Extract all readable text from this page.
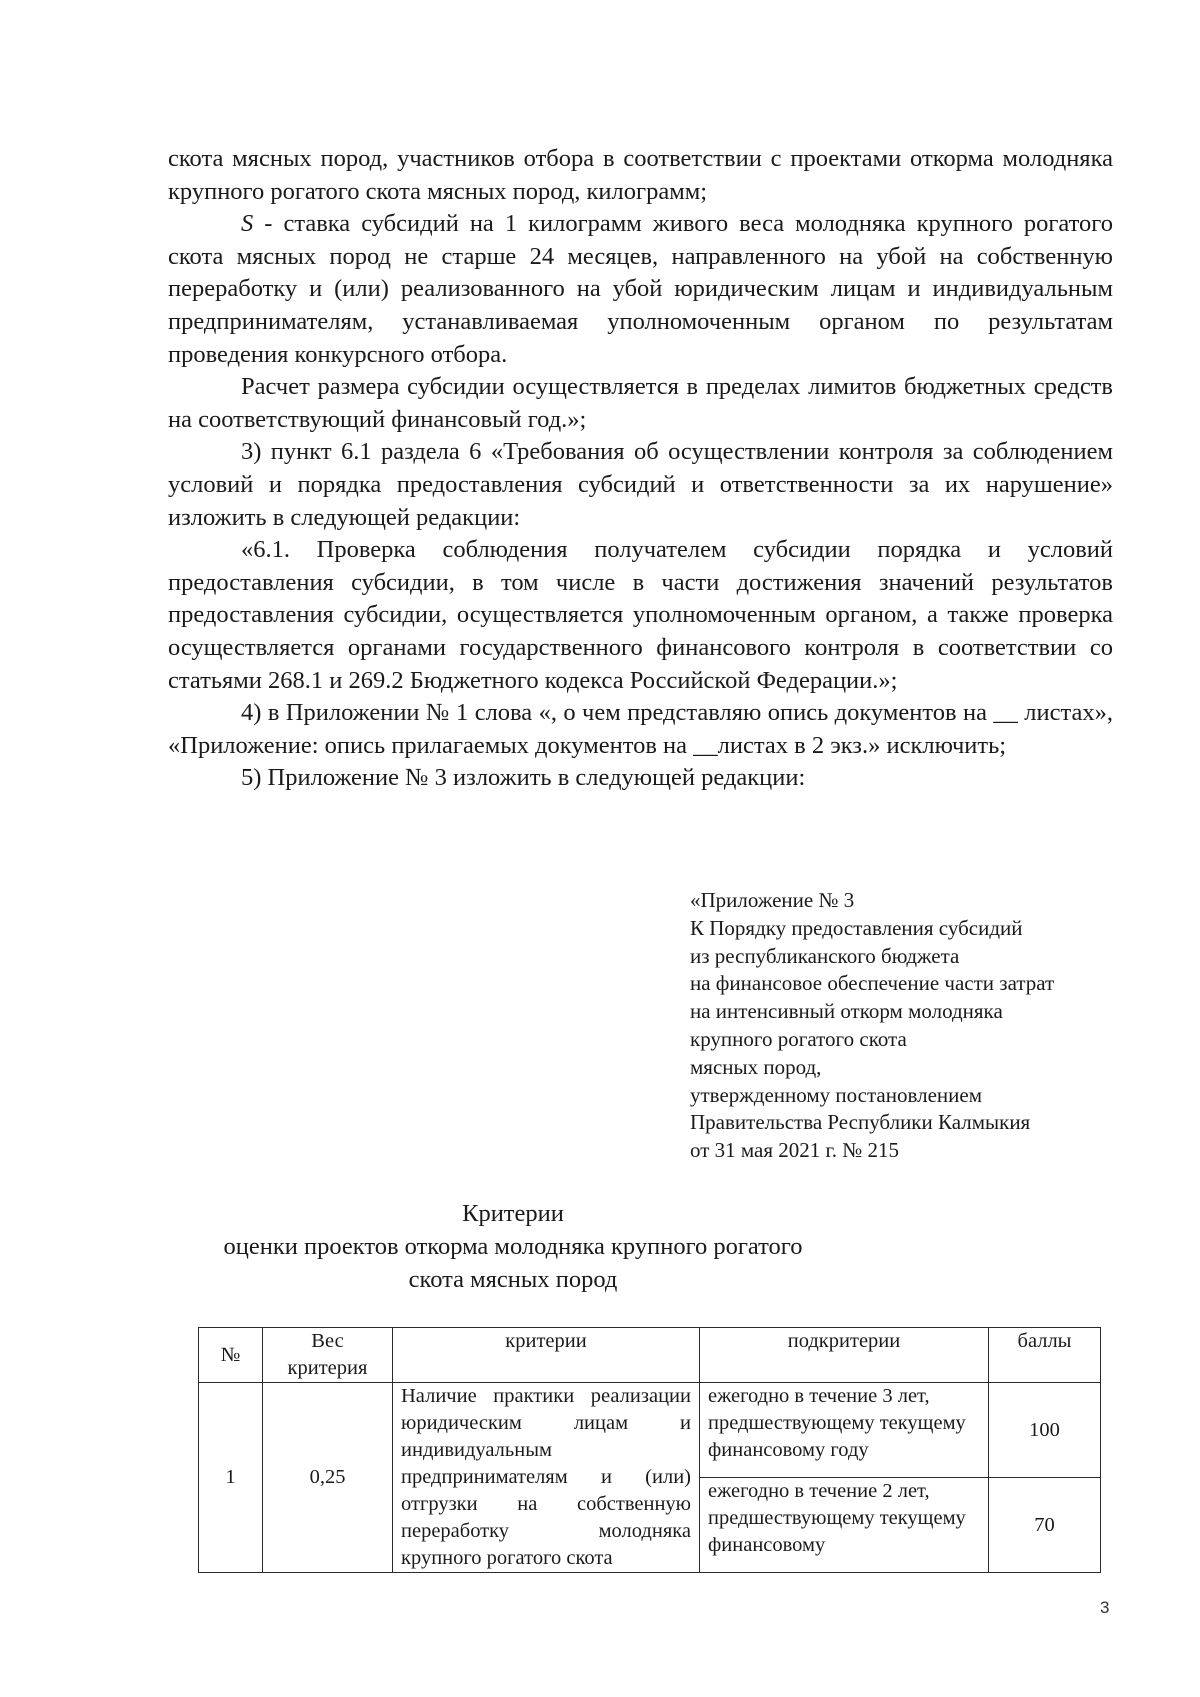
скота мясных пород, участников отбора в соответствии с проектами откорма молодняка крупного рогатого скота мясных пород, килограмм;

S - ставка субсидий на 1 килограмм живого веса молодняка крупного рогатого скота мясных пород не старше 24 месяцев, направленного на убой на собственную переработку и (или) реализованного на убой юридическим лицам и индивидуальным предпринимателям, устанавливаемая уполномоченным органом по результатам проведения конкурсного отбора.

Расчет размера субсидии осуществляется в пределах лимитов бюджетных средств на соответствующий финансовый год.»;

3) пункт 6.1 раздела 6 «Требования об осуществлении контроля за соблюдением условий и порядка предоставления субсидий и ответственности за их нарушение» изложить в следующей редакции:

«6.1. Проверка соблюдения получателем субсидии порядка и условий предоставления субсидии, в том числе в части достижения значений результатов предоставления субсидии, осуществляется уполномоченным органом, а также проверка осуществляется органами государственного финансового контроля в соответствии со статьями 268.1 и 269.2 Бюджетного кодекса Российской Федерации.»;

4) в Приложении № 1 слова «, о чем представляю опись документов на __ листах», «Приложение: опись прилагаемых документов на __листах в 2 экз.» исключить;

5) Приложение № 3 изложить в следующей редакции:

«Приложение № 3
К Порядку предоставления субсидий
из республиканского бюджета
на финансовое обеспечение части затрат
на интенсивный откорм молодняка
крупного рогатого скота
мясных пород,
утвержденному постановлением
Правительства Республики Калмыкия
от 31 мая 2021 г. № 215
Критерии
оценки проектов откорма молодняка крупного рогатого
скота мясных пород
№	Вес критерия	критерии	подкритерии	баллы
1	0,25	Наличие практики реализации юридическим лицам и индивидуальным предпринимателям и (или) отгрузки на собственную переработку молодняка крупного рогатого скота	ежегодно в течение 3 лет, предшествующему текущему финансовому году	100
			ежегодно в течение 2 лет, предшествующему текущему финансовому	70
3
